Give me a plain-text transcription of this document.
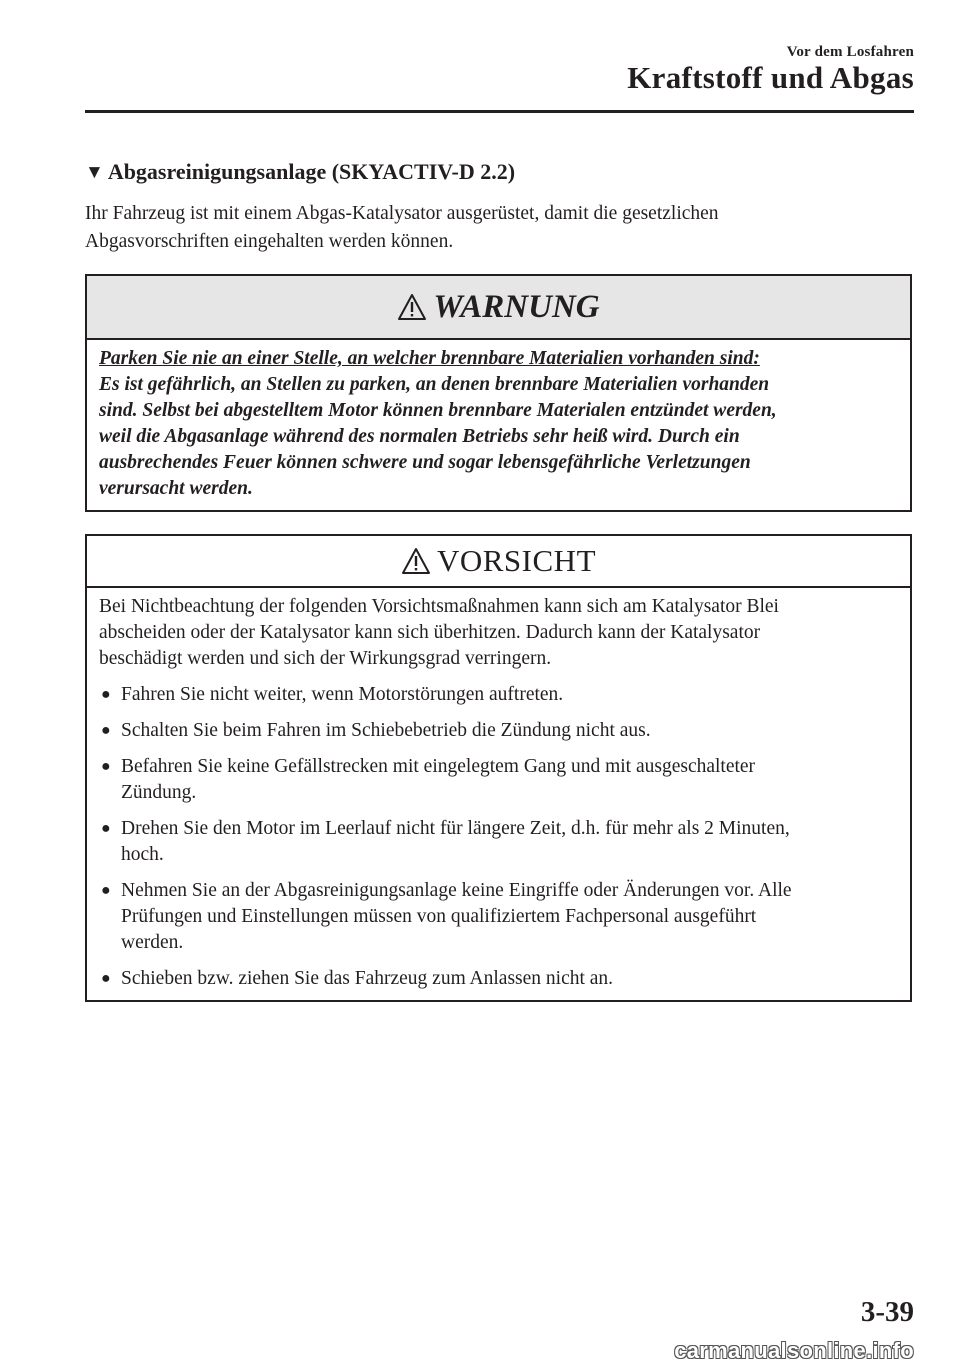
Vor dem Losfahren
Kraftstoff und Abgas
▼ Abgasreinigungsanlage (SKYACTIV-D 2.2)
Ihr Fahrzeug ist mit einem Abgas-Katalysator ausgerüstet, damit die gesetzlichen
Abgasvorschriften eingehalten werden können.
WARNUNG
Parken Sie nie an einer Stelle, an welcher brennbare Materialien vorhanden sind:
Es ist gefährlich, an Stellen zu parken, an denen brennbare Materialien vorhanden
sind. Selbst bei abgestelltem Motor können brennbare Materialen entzündet werden,
weil die Abgasanlage während des normalen Betriebs sehr heiß wird. Durch ein
ausbrechendes Feuer können schwere und sogar lebensgefährliche Verletzungen
verursacht werden.
VORSICHT
Bei Nichtbeachtung der folgenden Vorsichtsmaßnahmen kann sich am Katalysator Blei
abscheiden oder der Katalysator kann sich überhitzen. Dadurch kann der Katalysator
beschädigt werden und sich der Wirkungsgrad verringern.
● Fahren Sie nicht weiter, wenn Motorstörungen auftreten.
● Schalten Sie beim Fahren im Schiebebetrieb die Zündung nicht aus.
● Befahren Sie keine Gefällstrecken mit eingelegtem Gang und mit ausgeschalteter
Zündung.
● Drehen Sie den Motor im Leerlauf nicht für längere Zeit, d.h. für mehr als 2 Minuten,
hoch.
● Nehmen Sie an der Abgasreinigungsanlage keine Eingriffe oder Änderungen vor. Alle
Prüfungen und Einstellungen müssen von qualifiziertem Fachpersonal ausgeführt
werden.
● Schieben bzw. ziehen Sie das Fahrzeug zum Anlassen nicht an.
3-39
carmanualsonline.info
